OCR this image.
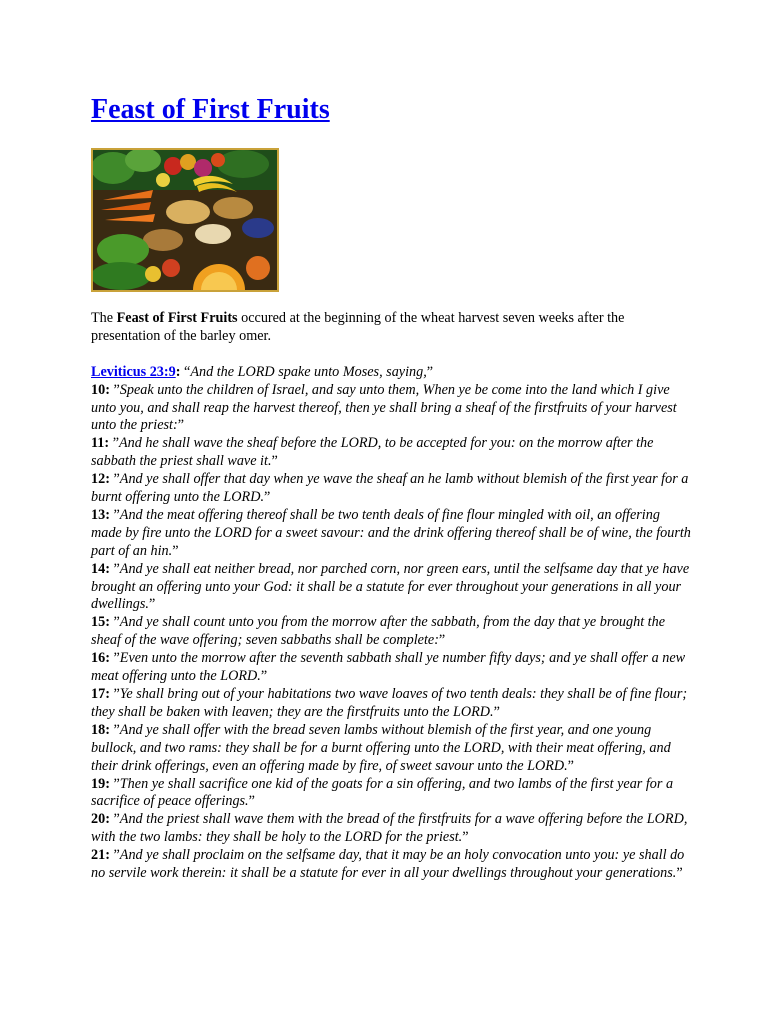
Feast of First Fruits

The Feast of First Fruits occured at the beginning of the wheat harvest seven weeks after the presentation of the barley omer.

Leviticus 23:9: “And the LORD spake unto Moses, saying,”

10: ”Speak unto the children of Israel, and say unto them, When ye be come into the land which I give unto you, and shall reap the harvest thereof, then ye shall bring a sheaf of the firstfruits of your harvest unto the priest:”

11: ”And he shall wave the sheaf before the LORD, to be accepted for you: on the morrow after the sabbath the priest shall wave it.”

12: ”And ye shall offer that day when ye wave the sheaf an he lamb without blemish of the first year for a burnt offering unto the LORD.”

13: ”And the meat offering thereof shall be two tenth deals of fine flour mingled with oil, an offering made by fire unto the LORD for a sweet savour: and the drink offering thereof shall be of wine, the fourth part of an hin.”

14: ”And ye shall eat neither bread, nor parched corn, nor green ears, until the selfsame day that ye have brought an offering unto your God: it shall be a statute for ever throughout your generations in all your dwellings.”

15: ”And ye shall count unto you from the morrow after the sabbath, from the day that ye brought the sheaf of the wave offering; seven sabbaths shall be complete:”

16: ”Even unto the morrow after the seventh sabbath shall ye number fifty days; and ye shall offer a new meat offering unto the LORD.”

17: ”Ye shall bring out of your habitations two wave loaves of two tenth deals: they shall be of fine flour; they shall be baken with leaven; they are the firstfruits unto the LORD.”

18: ”And ye shall offer with the bread seven lambs without blemish of the first year, and one young bullock, and two rams: they shall be for a burnt offering unto the LORD, with their meat offering, and their drink offerings, even an offering made by fire, of sweet savour unto the LORD.”

19: ”Then ye shall sacrifice one kid of the goats for a sin offering, and two lambs of the first year for a sacrifice of peace offerings.”

20: ”And the priest shall wave them with the bread of the firstfruits for a wave offering before the LORD, with the two lambs: they shall be holy to the LORD for the priest.”

21: ”And ye shall proclaim on the selfsame day, that it may be an holy convocation unto you: ye shall do no servile work therein: it shall be a statute for ever in all your dwellings throughout your generations.”
